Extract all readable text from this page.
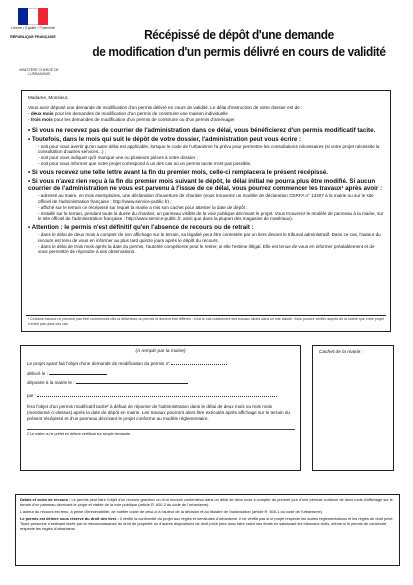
Liberté • Égalité • Fraternité
RÉPUBLIQUE FRANÇAISE
MINISTÈRE CHARGÉ DE L'URBANISME
Récépissé de dépôt d'une demande
de modification d'un permis délivré en cours de validité
Madame, Monsieur,
Vous avez déposé une demande de modification d'un permis délivré en cours de validité. Le délai d'instruction de votre dossier est de :
- deux mois pour les demandes de modification d'un permis de construire une maison individuelle
- trois mois pour les demandes de modification d'un permis de construire ou d'un permis d'aménager
• Si vous ne recevez pas de courrier de l'administration dans ce délai, vous bénéficierez d'un permis modificatif tacite.
• Toutefois, dans le mois qui suit le dépôt de votre dossier, l'administration peut vous écrire :
- soit pour vous avertir qu'un autre délai est applicable, lorsque le code de l'urbanisme l'a prévu pour permettre les consultations nécessaires (si votre projet nécessite la consultation d'autres services...) ;
- soit pour vous indiquer qu'il manque une ou plusieurs pièces à votre dossier ;
- soit pour vous informer que votre projet correspond à un des cas où un permis tacite n'est pas possible.
• Si vous recevez une telle lettre avant la fin du premier mois, celle-ci remplacera le présent récépissé.
• Si vous n'avez rien reçu à la fin du premier mois suivant le dépôt, le délai initial ne pourra plus être modifié. Si aucun courrier de l'administration ne vous est parvenu à l'issue de ce délai, vous pourrez commencer les travaux¹ après avoir :
- adressé au maire, en trois exemplaires, une déclaration d'ouverture de chantier (vous trouverez un modèle de déclaration CERFA n° 13407 à la mairie ou sur le site officiel de l'administration française : http://www.service-public.fr) ;
- affiché sur le terrain ce récépissé sur lequel la mairie a mis son cachet pour attester la date de dépôt ;
- installé sur le terrain, pendant toute la durée du chantier, un panneau visible de la voie publique décrivant le projet. Vous trouverez le modèle de panneau à la mairie, sur le site officiel de l'administration française : http://www.service-public.fr, ainsi que dans la plupart des magasins de matériaux).
• Attention : le permis n'est définitif qu'en l'absence de recours ou de retrait :
- dans le délai de deux mois à compter de son affichage sur le terrain, sa légalité peut être contestée par un tiers devant le tribunal administratif. Dans ce cas, l'auteur du recours est tenu de vous en informer au plus tard quinze jours après le dépôt du recours.
- dans le délai de trois mois après la date du permis, l'autorité compétente peut le retirer, si elle l'estime illégal. Elle est tenue de vous en informer préalablement et de vous permettre de répondre à ses observations.
¹ Certains travaux ne peuvent pas être commencés dès la délivrance du permis et doivent être différés : c'est le cas notamment des travaux situés dans un site classé. Vous pouvez vérifier auprès de la mairie que votre projet n'entre pas dans ces cas.
(À remplir par la mairie)
Le projet ayant fait l'objet d'une demande de modification du permis n°
délivré le :
déposée à la mairie le :
par :
fera l'objet d'un permis modificatif tacite² à défaut de réponse de l'administration dans le délai de deux mois ou trois mois (mentionné ci-dessus) après la date de dépôt en mairie. Les travaux pourront alors être exécutés après affichage sur le terrain du présent récépissé et d'un panneau décrivant le projet conforme au modèle réglementaire.
2 Le maire ou le préfet en délivre certificat sur simple demande.
Cachet de la mairie :
Délais et voies de recours : Le permis peut faire l'objet d'un recours gracieux ou d'un recours contentieux dans un délai de deux mois à compter du premier jour d'une période continue de deux mois d'affichage sur le terrain d'un panneau décrivant le projet et visible de la voie publique (article R. 600-2 du code de l'urbanisme).
L'auteur du recours est tenu, à peine d'irrecevabilité, de notifier copie de celui-ci à l'auteur de la décision et au titulaire de l'autorisation (article R. 600-1 du code de l'urbanisme).
Le permis est délivré sous réserve du droit des tiers : il vérifie la conformité du projet aux règles et servitudes d'urbanisme. Il ne vérifie pas si le projet respecte les autres réglementations et les règles de droit privé. Toute personne s'estimant lésée par la méconnaissance du droit de propriété ou d'autres dispositions de droit privé peut donc faire valoir ses droits en saisissant les tribunaux civils, même si le permis de construire respecte les règles d'urbanisme.
